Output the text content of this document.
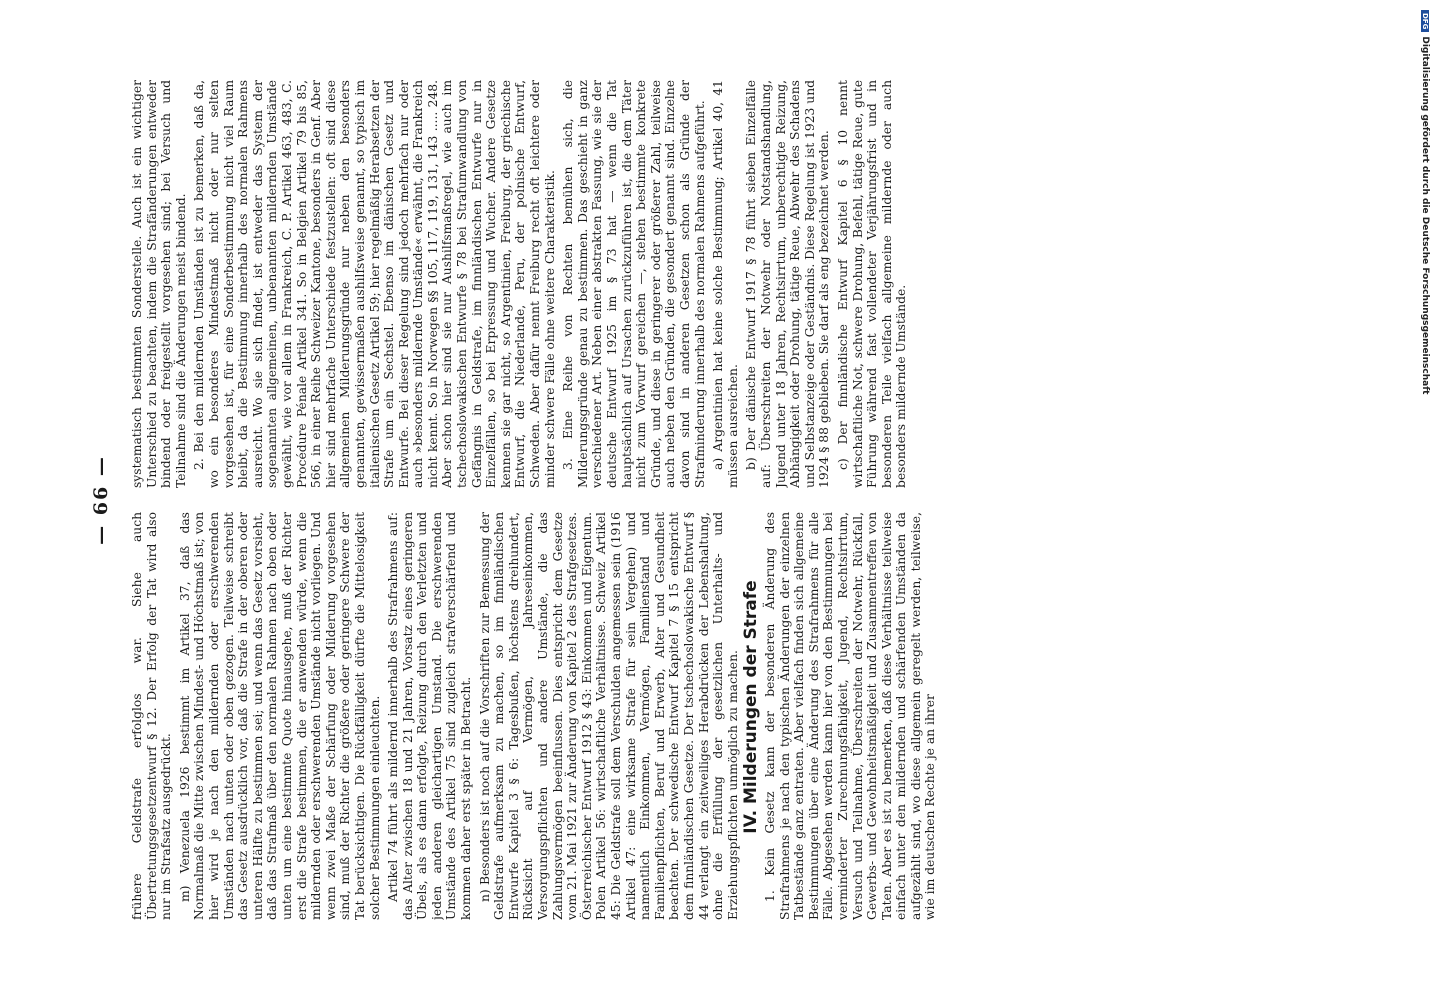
— 66 —

frühere Geldstrafe erfolglos war. Siehe auch Übertretungsgesetzentwurf § 12. Der Erfolg der Tat wird also nur im Strafsatz ausgedrückt. m) Venezuela 1926 bestimmt im Artikel 37, daß das Normalmaß die Mitte zwischen Mindest- und Höchstmaß ist; von hier wird je nach den mildernden oder erschwerenden Umständen nach unten oder oben gezogen. Teilweise schreibt das Gesetz ausdrücklich vor, daß die Strafe in der oberen oder unteren Hälfte zu bestimmen sei; und wenn das Gesetz vorsieht, daß das Strafmaß über den normalen Rahmen nach oben oder unten um eine bestimmte Quote hinausgehe, muß der Richter erst die Strafe bestimmen, die er anwenden würde, wenn die mildernden oder erschwerenden Umstände nicht vorliegen. Und wenn zwei Maße der Schärfung oder Milderung vorgesehen sind, muß der Richter die größere oder geringere Schwere der Tat berücksichtigen. Die Rückfälligkeit dürfte die Mittelosigkeit solcher Bestimmungen einleuchten. Artikel 74 führt als mildernd innerhalb des Strafrahmens auf: das Alter zwischen 18 und 21 Jahren, Vorsatz eines geringeren Übels, als es dann erfolgte, Reizung durch den Verletzten und jeden anderen gleichartigen Umstand. Die erschwerenden Umstände des Artikel 75 sind zugleich strafverschärfend und kommen daher erst später in Betracht. n) Besonders ist noch auf die Vorschriften zur Bemessung der Geldstrafe aufmerksam zu machen, so im finnländischen Entwurfe Kapitel 3 § 6: Tagesbußen, höchstens dreihundert, Rücksicht auf Vermögen, Jahreseinkommen, Versorgungspflichten und andere Umstände, die das Zahlungsvermögen beeinflussen. Dies entspricht dem Gesetze vom 21. Mai 1921 zur Änderung von Kapitel 2 des Strafgesetzes. Österreichischer Entwurf 1912 § 43: Einkommen und Eigentum. Polen Artikel 56: wirtschaftliche Verhältnisse. Schweiz Artikel 45: Die Geldstrafe soll dem Verschulden angemessen sein (1916 Artikel 47: eine wirksame Strafe für sein Vergehen) und namentlich Einkommen, Vermögen, Familienstand und Familienpflichten, Beruf und Erwerb, Alter und Gesundheit beachten. Der schwedische Entwurf Kapitel 7 § 15 entspricht dem finnländischen Gesetze. Der tschechoslowakische Entwurf § 44 verlangt ein zeitweiliges Herabdrücken der Lebenshaltung, ohne die Erfüllung der gesetzlichen Unterhalts- und Erziehungspflichten unmöglich zu machen. IV. Milderungen der Strafe 1. Kein Gesetz kann der besonderen Änderung des Strafrahmens je nach den typischen Änderungen der einzelnen Tatbestände ganz entraten. Aber vielfach finden sich allgemeine Bestimmungen über eine Änderung des Strafrahmens für alle Fälle. Abgesehen werden kann hier von den Bestimmungen bei verminderter Zurechnungsfähigkeit, Jugend, Rechtsirrtum, Versuch und Teilnahme, Überschreiten der Notwehr, Rückfall, Gewerbs- und Gewohnheitsmäßigkeit und Zusammentreffen von Taten. Aber es ist zu bemerken, daß diese Verhältnisse teilweise einfach unter den mildernden und schärfenden Umständen da aufgezählt sind, wo diese allgemein geregelt werden, teilweise, wie im deutschen Rechte je an ihrer

systematisch bestimmten Sonderstelle. Auch ist ein wichtiger Unterschied zu beachten, indem die Strafänderungen entweder bindend oder freigestellt vorgesehen sind; bei Versuch und Teilnahme sind die Änderungen meist bindend. 2. Bei den mildernden Umständen ist zu bemerken, daß da, wo ein besonderes Mindestmaß nicht oder nur selten vorgesehen ist, für eine Sonderbestimmung nicht viel Raum bleibt, da die Bestimmung innerhalb des normalen Rahmens ausreicht. Wo sie sich findet, ist entweder das System der sogenannten allgemeinen, unbenannten mildernden Umstände gewählt, wie vor allem in Frankreich, C. P. Artikel 463, 483, C. Procédure Pénale Artikel 341. So in Belgien Artikel 79 bis 85, 566, in einer Reihe Schweizer Kantone, besonders in Genf. Aber hier sind mehrfache Unterschiede festzustellen: oft sind diese allgemeinen Milderungsgründe nur neben den besonders genannten, gewissermaßen aushilfsweise genannt, so typisch im italienischen Gesetz Artikel 59; hier regelmäßig Herabsetzen der Strafe um ein Sechstel. Ebenso im dänischen Gesetz und Entwurfe. Bei dieser Regelung sind jedoch mehrfach nur oder auch »besonders mildernde Umstände« erwähnt, die Frankreich nicht kennt. So in Norwegen §§ 105, 117, 119, 131, 143 ..... 248. Aber schon hier sind sie nur Aushilfsmaßregel, wie auch im tschechoslowakischen Entwurfe § 78 bei Strafumwandlung von Gefängnis in Geldstrafe, im finnländischen Entwurfe nur in Einzelfällen, so bei Erpressung und Wucher. Andere Gesetze kennen sie gar nicht, so Argentinien, Freiburg, der griechische Entwurf, die Niederlande, Peru, der polnische Entwurf, Schweden. Aber dafür nennt Freiburg recht oft leichtere oder minder schwere Fälle ohne weitere Charakteristik. 3. Eine Reihe von Rechten bemühen sich, die Milderungsgründe genau zu bestimmen. Das geschieht in ganz verschiedener Art. Neben einer abstrakten Fassung, wie sie der deutsche Entwurf 1925 im § 73 hat — wenn die Tat hauptsächlich auf Ursachen zurückzuführen ist, die dem Täter nicht zum Vorwurf gereichen —, stehen bestimmte konkrete Gründe, und diese in geringerer oder größerer Zahl, teilweise auch neben den Gründen, die gesondert genannt sind. Einzelne davon sind in anderen Gesetzen schon als Gründe der Strafminderung innerhalb des normalen Rahmens aufgeführt. a) Argentinien hat keine solche Bestimmung; Artikel 40, 41 müssen ausreichen. b) Der dänische Entwurf 1917 § 78 führt sieben Einzelfälle auf: Überschreiten der Notwehr oder Notstandshandlung, Jugend unter 18 Jahren, Rechtsirrtum, unberechtigte Reizung, Abhängigkeit oder Drohung, tätige Reue, Abwehr des Schadens und Selbstanzeige oder Geständnis. Diese Regelung ist 1923 und 1924 § 88 geblieben. Sie darf als eng bezeichnet werden. c) Der finnländische Entwurf Kapitel 6 § 10 nennt wirtschaftliche Not, schwere Drohung, Befehl, tätige Reue, gute Führung während fast vollendeter Verjährungsfrist und in besonderen Teile vielfach allgemeine mildernde oder auch besonders mildernde Umstände.

DFGDigitalisierung gefördert durch die Deutsche Forschungsgemeinschaft
